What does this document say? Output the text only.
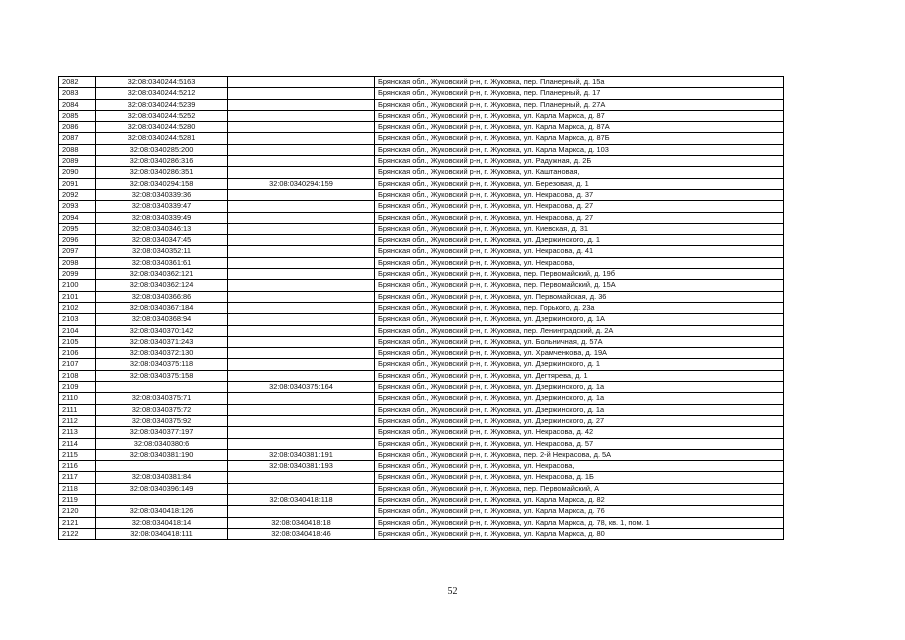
2082	32:08:0340244:5163		Брянская обл., Жуковский р-н, г. Жуковка, пер. Планерный, д. 15а
2083	32:08:0340244:5212		Брянская обл., Жуковский р-н, г. Жуковка, пер. Планерный, д. 17
2084	32:08:0340244:5239		Брянская обл., Жуковский р-н, г. Жуковка, пер. Планерный, д. 27А
2085	32:08:0340244:5252		Брянская обл., Жуковский р-н, г. Жуковка, ул. Карла Маркса, д. 87
2086	32:08:0340244:5280		Брянская обл., Жуковский р-н, г. Жуковка, ул. Карла Маркса, д. 87А
2087	32:08:0340244:5281		Брянская обл., Жуковский р-н, г. Жуковка, ул. Карла Маркса, д. 87Б
2088	32:08:0340285:200		Брянская обл., Жуковский р-н, г. Жуковка, ул. Карла Маркса, д. 103
2089	32:08:0340286:316		Брянская обл., Жуковский р-н, г. Жуковка, ул. Радужная, д. 2Б
2090	32:08:0340286:351		Брянская обл., Жуковский р-н, г. Жуковка, ул. Каштановая,
2091	32:08:0340294:158	32:08:0340294:159	Брянская обл., Жуковский р-н, г. Жуковка, ул. Березовая, д. 1
2092	32:08:0340339:36		Брянская обл., Жуковский р-н, г. Жуковка, ул. Некрасова, д. 37
2093	32:08:0340339:47		Брянская обл., Жуковский р-н, г. Жуковка, ул. Некрасова, д. 27
2094	32:08:0340339:49		Брянская обл., Жуковский р-н, г. Жуковка, ул. Некрасова, д. 27
2095	32:08:0340346:13		Брянская обл., Жуковский р-н, г. Жуковка, ул. Киевская, д. 31
2096	32:08:0340347:45		Брянская обл., Жуковский р-н, г. Жуковка, ул. Дзержинского, д. 1
2097	32:08:0340352:11		Брянская обл., Жуковский р-н, г. Жуковка, ул. Некрасова, д. 41
2098	32:08:0340361:61		Брянская обл., Жуковский р-н, г. Жуковка, ул. Некрасова,
2099	32:08:0340362:121		Брянская обл., Жуковский р-н, г. Жуковка, пер. Первомайский, д. 19б
2100	32:08:0340362:124		Брянская обл., Жуковский р-н, г. Жуковка, пер. Первомайский, д. 15А
2101	32:08:0340366:86		Брянская обл., Жуковский р-н, г. Жуковка, ул. Первомайская, д. 36
2102	32:08:0340367:184		Брянская обл., Жуковский р-н, г. Жуковка, пер. Горького, д. 23а
2103	32:08:0340368:94		Брянская обл., Жуковский р-н, г. Жуковка, ул. Дзержинского, д. 1А
2104	32:08:0340370:142		Брянская обл., Жуковский р-н, г. Жуковка, пер. Ленинградский, д. 2А
2105	32:08:0340371:243		Брянская обл., Жуковский р-н, г. Жуковка, ул. Больничная, д. 57А
2106	32:08:0340372:130		Брянская обл., Жуковский р-н, г. Жуковка, ул. Храмченкова, д. 19А
2107	32:08:0340375:118		Брянская обл., Жуковский р-н, г. Жуковка, ул. Дзержинского, д. 1
2108	32:08:0340375:158		Брянская обл., Жуковский р-н, г. Жуковка, ул. Дегтярева, д. 1
2109		32:08:0340375:164	Брянская обл., Жуковский р-н, г. Жуковка, ул. Дзержинского, д. 1а
2110	32:08:0340375:71		Брянская обл., Жуковский р-н, г. Жуковка, ул. Дзержинского, д. 1а
2111	32:08:0340375:72		Брянская обл., Жуковский р-н, г. Жуковка, ул. Дзержинского, д. 1а
2112	32:08:0340375:92		Брянская обл., Жуковский р-н, г. Жуковка, ул. Дзержинского, д. 27
2113	32:08:0340377:197		Брянская обл., Жуковский р-н, г. Жуковка, ул. Некрасова, д. 42
2114	32:08:0340380:6		Брянская обл., Жуковский р-н, г. Жуковка, ул. Некрасова, д. 57
2115	32:08:0340381:190	32:08:0340381:191	Брянская обл., Жуковский р-н, г. Жуковка, пер. 2-й Некрасова, д. 5А
2116		32:08:0340381:193	Брянская обл., Жуковский р-н, г. Жуковка, ул. Некрасова,
2117	32:08:0340381:84		Брянская обл., Жуковский р-н, г. Жуковка, ул. Некрасова, д. 1Б
2118	32:08:0340396:149		Брянская обл., Жуковский р-н, г. Жуковка, пер. Первомайский, А
2119		32:08:0340418:118	Брянская обл., Жуковский р-н, г. Жуковка, ул. Карла Маркса, д. 82
2120	32:08:0340418:126		Брянская обл., Жуковский р-н, г. Жуковка, ул. Карла Маркса, д. 76
2121	32:08:0340418:14	32:08:0340418:18	Брянская обл., Жуковский р-н, г. Жуковка, ул. Карла Маркса, д. 78, кв. 1, пом. 1
2122	32:08:0340418:111	32:08:0340418:46	Брянская обл., Жуковский р-н, г. Жуковка, ул. Карла Маркса, д. 80
52
